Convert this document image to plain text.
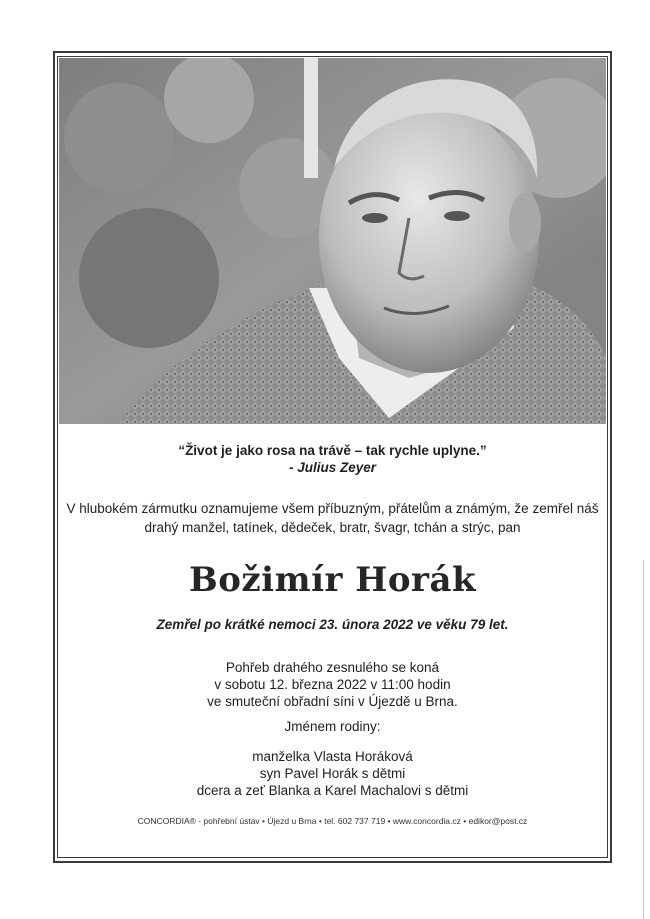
“Život je jako rosa na trávě – tak rychle uplyne.”
- Julius Zeyer
V hlubokém zármutku oznamujeme všem příbuzným, přátelům a známým, že zemřel náš
drahý manžel, tatínek, dědeček, bratr, švagr, tchán a strýc, pan
Božimír Horák
Zemřel po krátké nemoci 23. února 2022 ve věku 79 let.
Pohřeb drahého zesnulého se koná
v sobotu 12. března 2022 v 11:00 hodin
ve smuteční obřadní síni v Újezdě u Brna.
Jménem rodiny:
manželka Vlasta Horáková
syn Pavel Horák s dětmi
dcera a zeť Blanka a Karel Machalovi s dětmi
CONCORDIA® - pohřební ústav • Újezd u Brna • tel. 602 737 719 • www.concordia.cz • edikor@post.cz
